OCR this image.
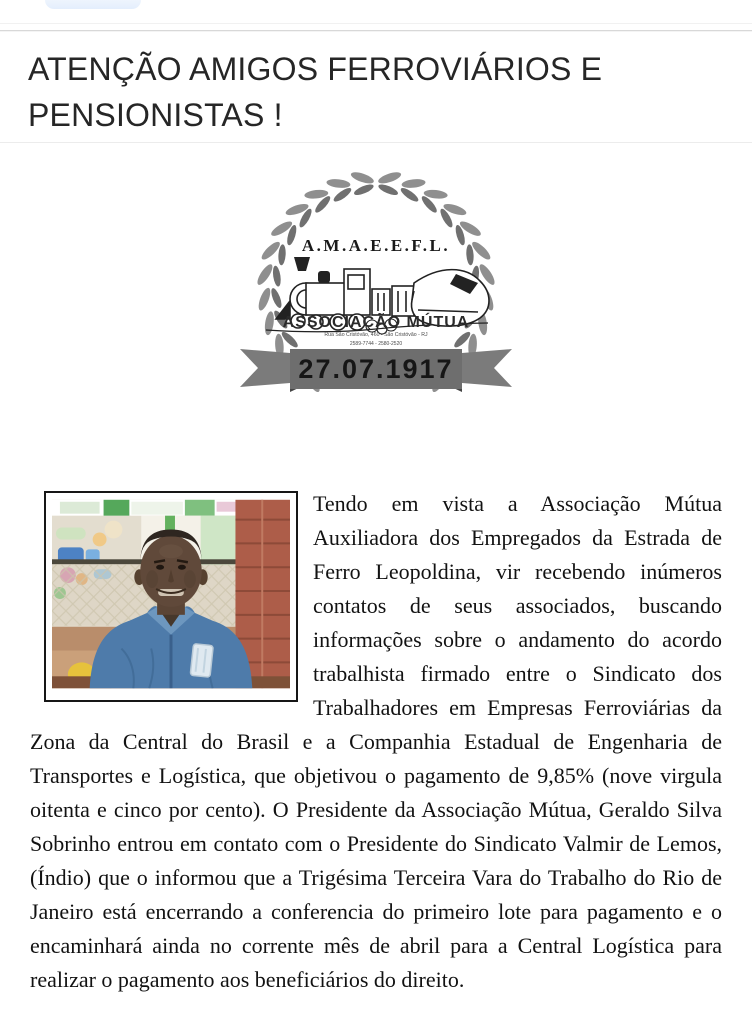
ATENÇÃO AMIGOS FERROVIÁRIOS E PENSIONISTAS !
A.M.A.E.E.F.L.
ASSOCIAÇÃO MÚTUA
Rua São Cristóvão, 460 - São Cristóvão - RJ
2589-7744 - 2580-2520
27.07.1917

Tendo em vista a Associação Mútua Auxiliadora dos Empregados da Estrada de Ferro Leopoldina, vir recebendo inúmeros contatos de seus associados, buscando informações sobre o andamento do acordo trabalhista firmado entre o Sindicato dos Trabalhadores em Empresas Ferroviárias da Zona da Central do Brasil e a Companhia Estadual de Engenharia de Transportes e Logística, que objetivou o pagamento de 9,85% (nove virgula oitenta e cinco por cento). O Presidente da Associação Mútua, Geraldo Silva Sobrinho entrou em contato com o Presidente do Sindicato Valmir de Lemos, (Índio) que o informou que a Trigésima Terceira Vara do Trabalho do Rio de Janeiro está encerrando a conferencia do primeiro lote para pagamento e o encaminhará ainda no corrente mês de abril para a Central Logística para realizar o pagamento aos beneficiários do direito.
